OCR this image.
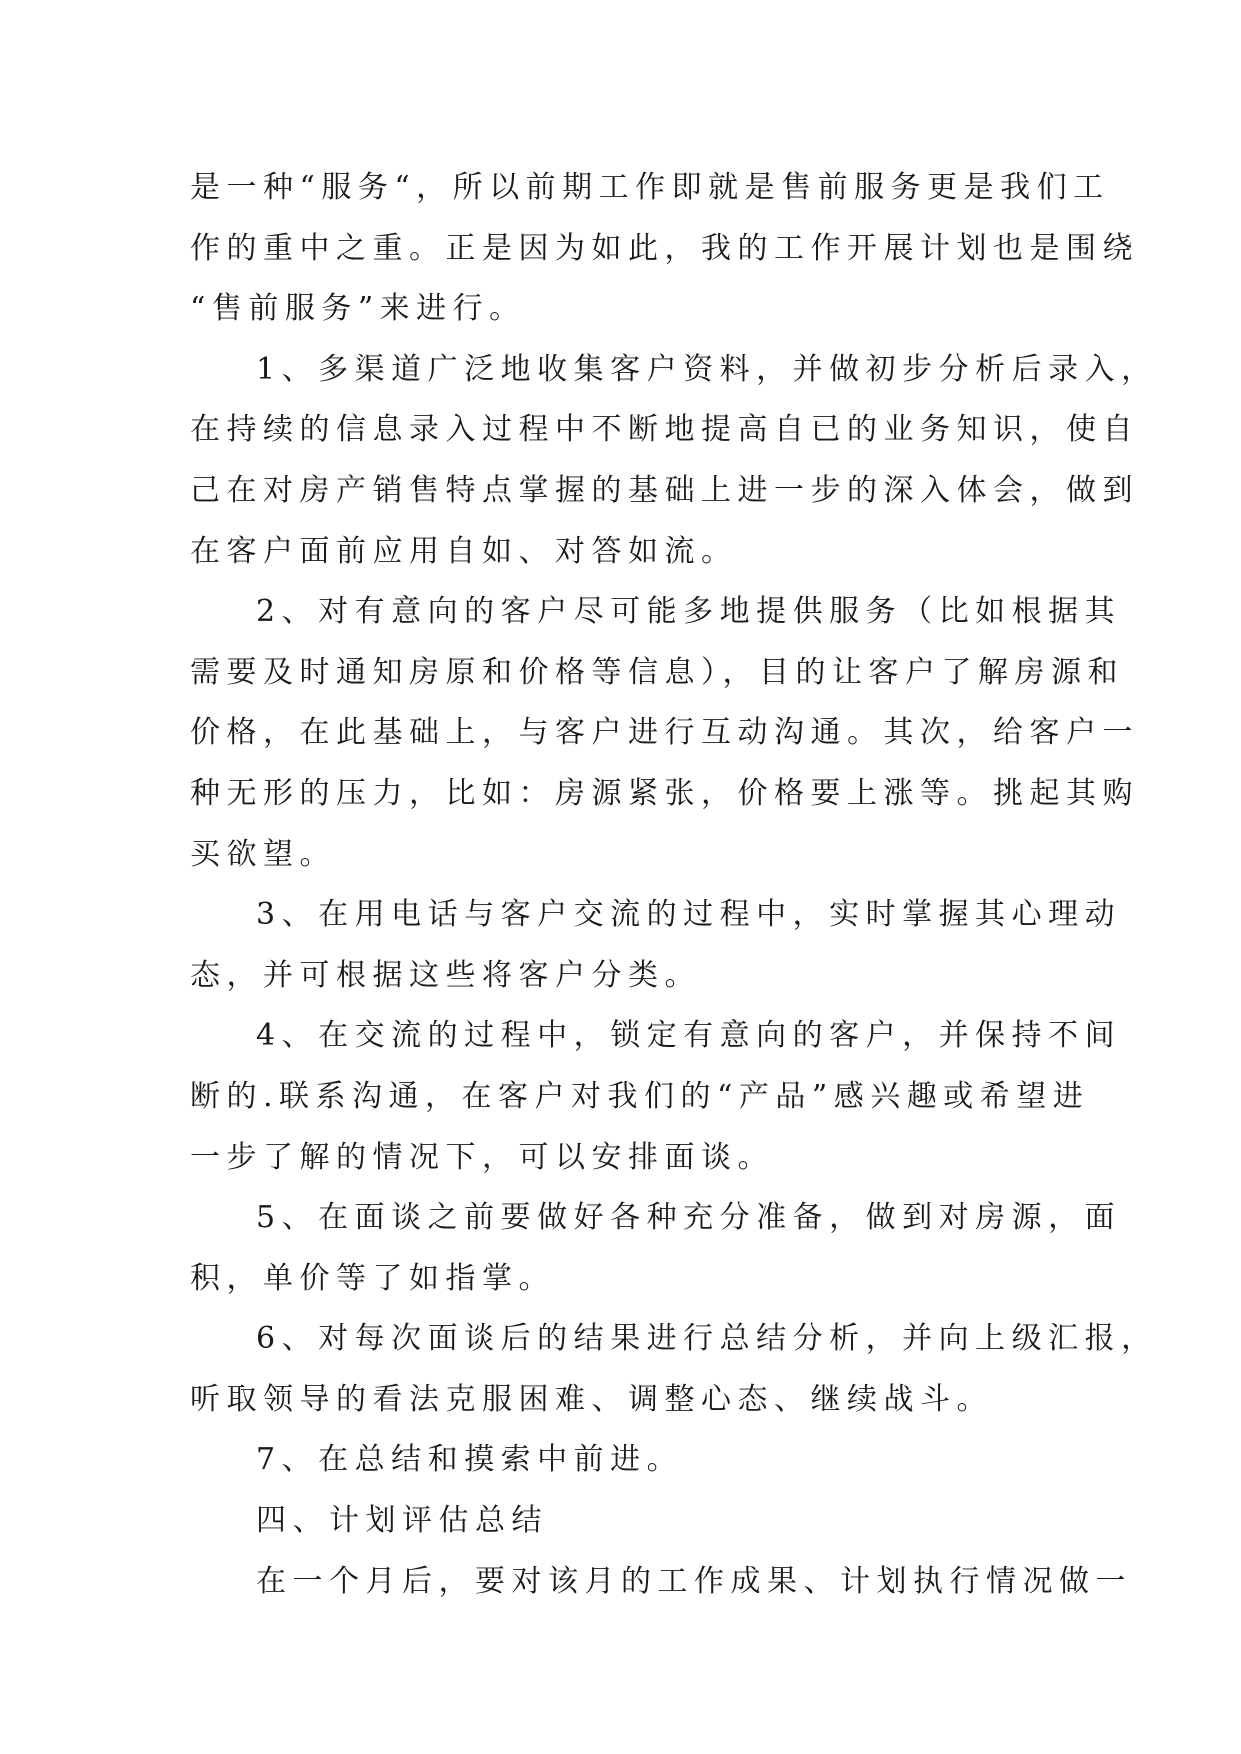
是一种“服务“，所以前期工作即就是售前服务更是我们工
作的重中之重。正是因为如此，我的工作开展计划也是围绕
“售前服务”来进行。
1、多渠道广泛地收集客户资料，并做初步分析后录入，
在持续的信息录入过程中不断地提高自已的业务知识，使自
己在对房产销售特点掌握的基础上进一步的深入体会，做到
在客户面前应用自如、对答如流。
2、对有意向的客户尽可能多地提供服务（比如根据其
需要及时通知房原和价格等信息），目的让客户了解房源和
价格，在此基础上，与客户进行互动沟通。其次，给客户一
种无形的压力，比如：房源紧张，价格要上涨等。挑起其购
买欲望。
3、在用电话与客户交流的过程中，实时掌握其心理动
态，并可根据这些将客户分类。
4、在交流的过程中，锁定有意向的客户，并保持不间
断的.联系沟通，在客户对我们的“产品”感兴趣或希望进
一步了解的情况下，可以安排面谈。
5、在面谈之前要做好各种充分准备，做到对房源，面
积，单价等了如指掌。
6、对每次面谈后的结果进行总结分析，并向上级汇报，
听取领导的看法克服困难、调整心态、继续战斗。
7、在总结和摸索中前进。
四、计划评估总结
在一个月后，要对该月的工作成果、计划执行情况做一
